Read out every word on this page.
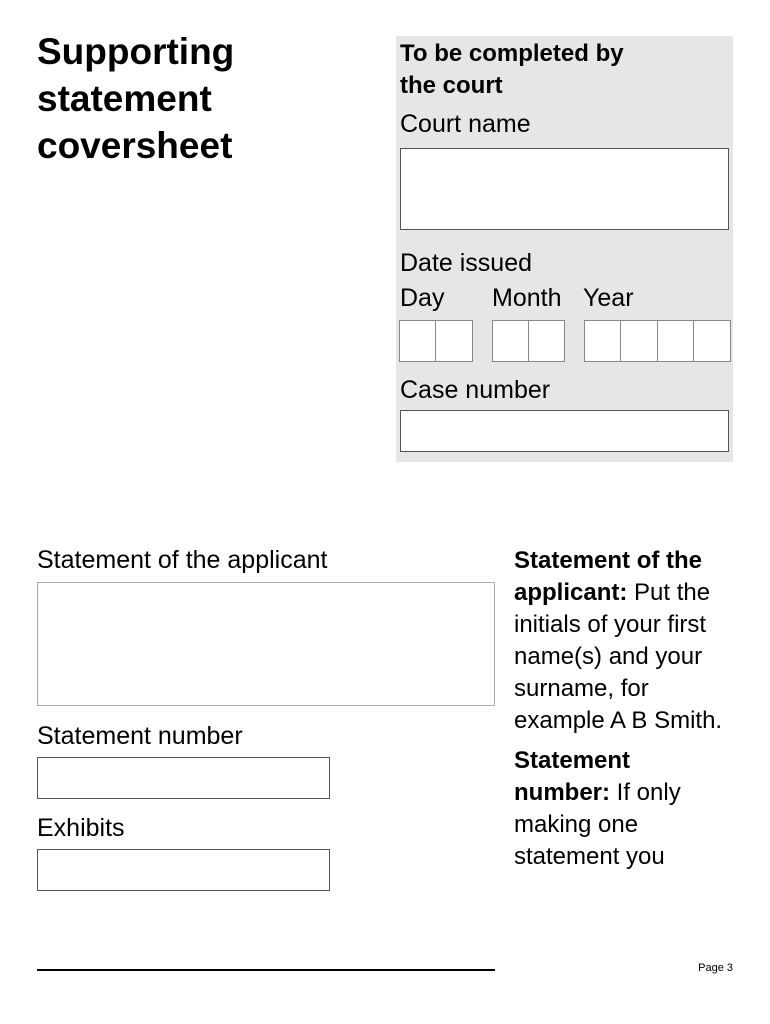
Supporting
statement
coversheet
To be completed by
the court
Court name
Date issued
Day Month Year
Case number
Statement of the applicant
Statement number
Exhibits

Statement of the applicant: Put the initials of your first name(s) and your surname, for example A B Smith.

Statement number: If only making one statement you

Page 3
